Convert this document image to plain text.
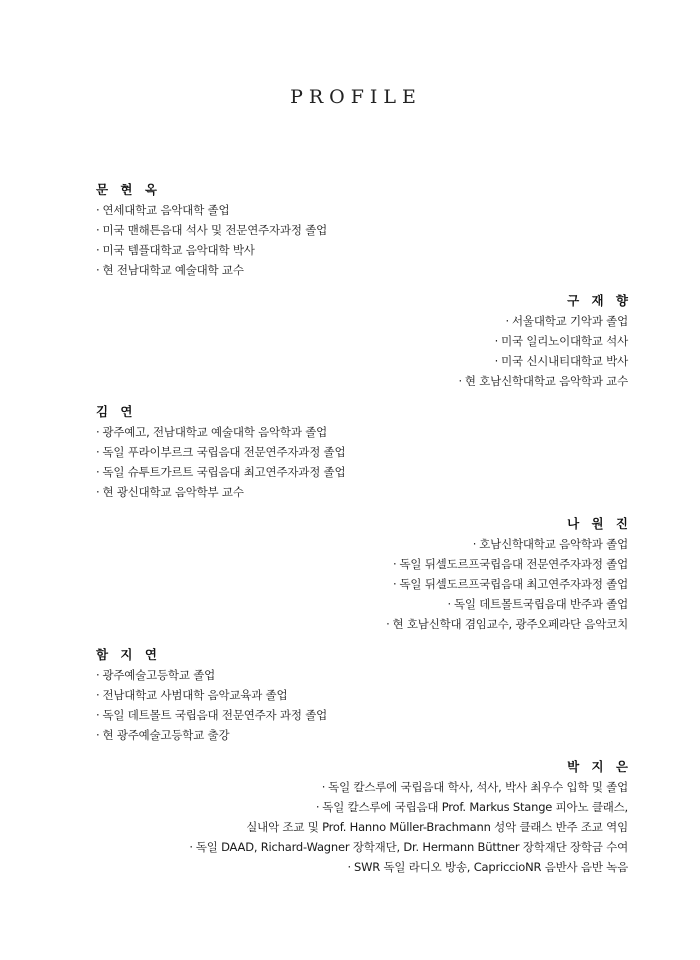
PROFILE
문 현 옥
· 연세대학교 음악대학 졸업
· 미국 맨해튼음대 석사 및 전문연주자과정 졸업
· 미국 템플대학교 음악대학 박사
· 현 전남대학교 예술대학 교수
구 재 향
· 서울대학교 기악과 졸업
· 미국 일리노이대학교 석사
· 미국 신시내티대학교 박사
· 현 호남신학대학교 음악학과 교수
김 연
· 광주예고, 전남대학교 예술대학 음악학과 졸업
· 독일 푸라이부르크 국립음대 전문연주자과정 졸업
· 독일 슈투트가르트 국립음대 최고연주자과정 졸업
· 현 광신대학교 음악학부 교수
나 원 진
· 호남신학대학교 음악학과 졸업
· 독일 뒤셀도르프국립음대 전문연주자과정 졸업
· 독일 뒤셀도르프국립음대 최고연주자과정 졸업
· 독일 데트몰트국립음대 반주과 졸업
· 현 호남신학대 겸임교수, 광주오페라단 음악코치
함 지 연
· 광주예술고등학교 졸업
· 전남대학교 사범대학 음악교육과 졸업
· 독일 데트몰트 국립음대 전문연주자 과정 졸업
· 현 광주예술고등학교 출강
박 지 은
· 독일 칼스루에 국립음대 학사, 석사, 박사 최우수 입학 및 졸업
· 독일 칼스루에 국립음대 Prof. Markus Stange 피아노 클래스,
실내악 조교 및 Prof. Hanno Müller-Brachmann 성악 클래스 반주 조교 역임
· 독일 DAAD, Richard-Wagner 장학재단, Dr. Hermann Büttner 장학재단 장학금 수여
· SWR 독일 라디오 방송, CapriccioNR 음반사 음반 녹음
